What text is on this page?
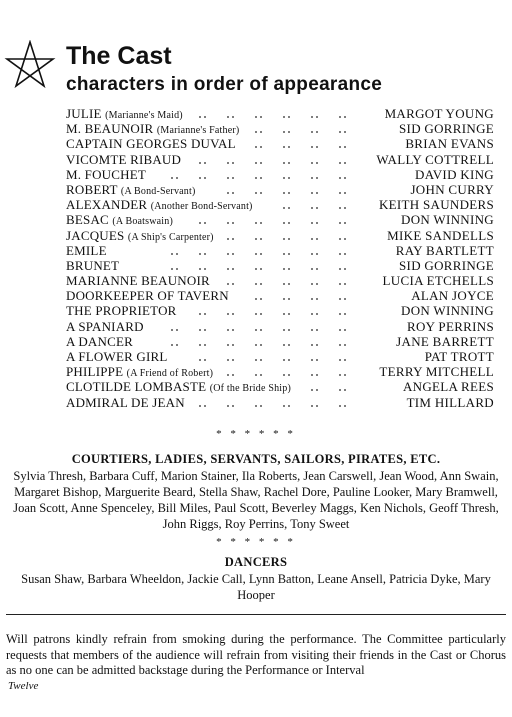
The Cast
characters in order of appearance
JULIE (Marianne's Maid)	MARGOT YOUNG
M. BEAUNOIR (Marianne's Father)	SID GORRINGE
CAPTAIN GEORGES DUVAL	BRIAN EVANS
VICOMTE RIBAUD	WALLY COTTRELL
M. FOUCHET	DAVID KING
ROBERT (A Bond-Servant)	JOHN CURRY
ALEXANDER (Another Bond-Servant)	KEITH SAUNDERS
BESAC (A Boatswain)	DON WINNING
JACQUES (A Ship's Carpenter)	MIKE SANDELLS
EMILE	RAY BARTLETT
BRUNET	SID GORRINGE
MARIANNE BEAUNOIR	LUCIA ETCHELLS
DOORKEEPER OF TAVERN	ALAN JOYCE
THE PROPRIETOR	DON WINNING
A SPANIARD	ROY PERRINS
A DANCER	JANE BARRETT
A FLOWER GIRL	PAT TROTT
PHILIPPE (A Friend of Robert)	TERRY MITCHELL
CLOTILDE LOMBASTE (Of the Bride Ship)	ANGELA REES
ADMIRAL DE JEAN	TIM HILLARD
* * * * * *
COURTIERS, LADIES, SERVANTS, SAILORS, PIRATES, ETC.

Sylvia Thresh, Barbara Cuff, Marion Stainer, Ila Roberts, Jean Carswell, Jean Wood, Ann Swain, Margaret Bishop, Marguerite Beard, Stella Shaw, Rachel Dore, Pauline Looker, Mary Bramwell, Joan Scott, Anne Spenceley, Bill Miles, Paul Scott, Beverley Maggs, Ken Nichols, Geoff Thresh, John Riggs, Roy Perrins, Tony Sweet

* * * * * *
DANCERS

Susan Shaw, Barbara Wheeldon, Jackie Call, Lynn Batton, Leane Ansell, Patricia Dyke, Mary Hooper

Will patrons kindly refrain from smoking during the performance. The Committee particularly requests that members of the audience will refrain from visiting their friends in the Cast or Chorus as no one can be admitted backstage during the Performance or Interval

Twelve
